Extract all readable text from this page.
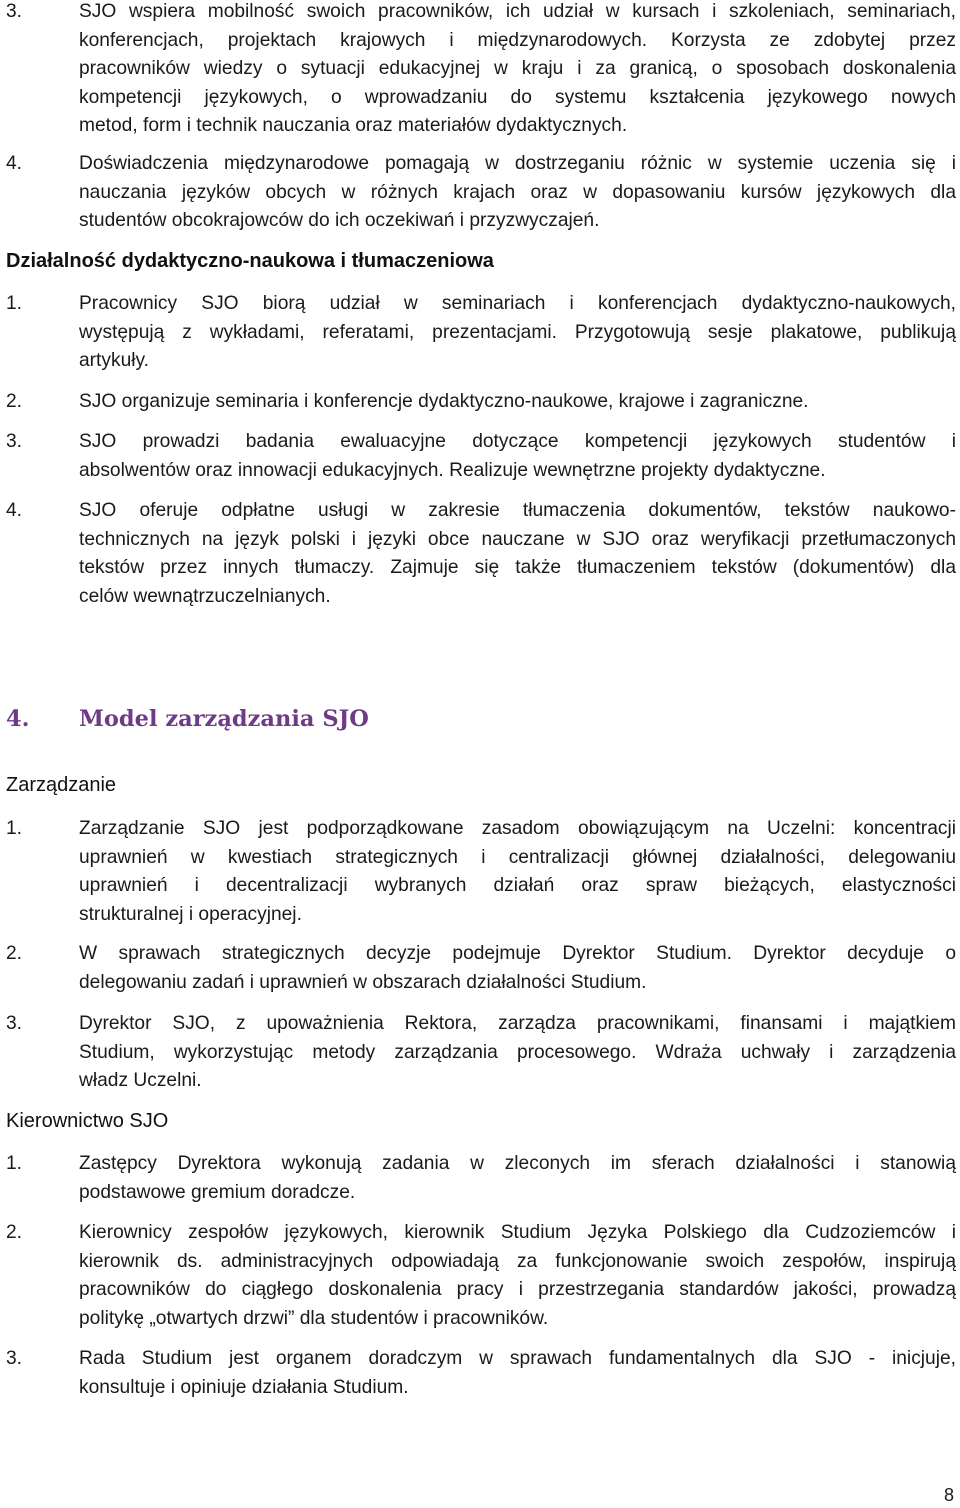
3.	SJO wspiera mobilność swoich pracowników, ich udział w kursach i szkoleniach, seminariach,
konferencjach, projektach krajowych i międzynarodowych. Korzysta ze zdobytej przez
pracowników wiedzy o sytuacji edukacyjnej w kraju i za granicą, o sposobach doskonalenia
kompetencji językowych, o wprowadzaniu do systemu kształcenia językowego nowych
metod, form i technik nauczania oraz materiałów dydaktycznych.
4.	Doświadczenia międzynarodowe pomagają w dostrzeganiu różnic w systemie uczenia się i
nauczania języków obcych w różnych krajach oraz w dopasowaniu kursów językowych dla
studentów obcokrajowców do ich oczekiwań i przyzwyczajeń.
Działalność dydaktyczno-naukowa i tłumaczeniowa
1.	Pracownicy SJO biorą udział w seminariach i konferencjach dydaktyczno-naukowych,
występują z wykładami, referatami, prezentacjami. Przygotowują sesje plakatowe, publikują
artykuły.
2.	SJO organizuje seminaria i konferencje dydaktyczno-naukowe, krajowe i zagraniczne.
3.	SJO prowadzi badania ewaluacyjne dotyczące kompetencji językowych studentów i
absolwentów oraz innowacji edukacyjnych. Realizuje wewnętrzne projekty dydaktyczne.
4.	SJO oferuje odpłatne usługi w zakresie tłumaczenia dokumentów, tekstów naukowo-
technicznych na język polski i języki obce nauczane w SJO oraz weryfikacji przetłumaczonych
tekstów przez innych tłumaczy. Zajmuje się także tłumaczeniem tekstów (dokumentów) dla
celów wewnątrzuczelnianych.
4.	Model zarządzania SJO
Zarządzanie
1.	Zarządzanie SJO jest podporządkowane zasadom obowiązującym na Uczelni: koncentracji
uprawnień w kwestiach strategicznych i centralizacji głównej działalności, delegowaniu
uprawnień i decentralizacji wybranych działań oraz spraw bieżących, elastyczności
strukturalnej i operacyjnej.
2.	W sprawach strategicznych decyzje podejmuje Dyrektor Studium. Dyrektor decyduje o
delegowaniu zadań i uprawnień w obszarach działalności Studium.
3.	Dyrektor SJO, z upoważnienia Rektora, zarządza pracownikami, finansami i majątkiem
Studium, wykorzystując metody zarządzania procesowego. Wdraża uchwały i zarządzenia
władz Uczelni.
Kierownictwo SJO
1.	Zastępcy Dyrektora wykonują zadania w zleconych im sferach działalności i stanowią
podstawowe gremium doradcze.
2.	Kierownicy zespołów językowych, kierownik Studium Języka Polskiego dla Cudzoziemców i
kierownik ds. administracyjnych odpowiadają za funkcjonowanie swoich zespołów, inspirują
pracowników do ciągłego doskonalenia pracy i przestrzegania standardów jakości, prowadzą
politykę „otwartych drzwi” dla studentów i pracowników.
3.	Rada Studium jest organem doradczym w sprawach fundamentalnych dla SJO - inicjuje,
konsultuje i opiniuje działania Studium.
8
